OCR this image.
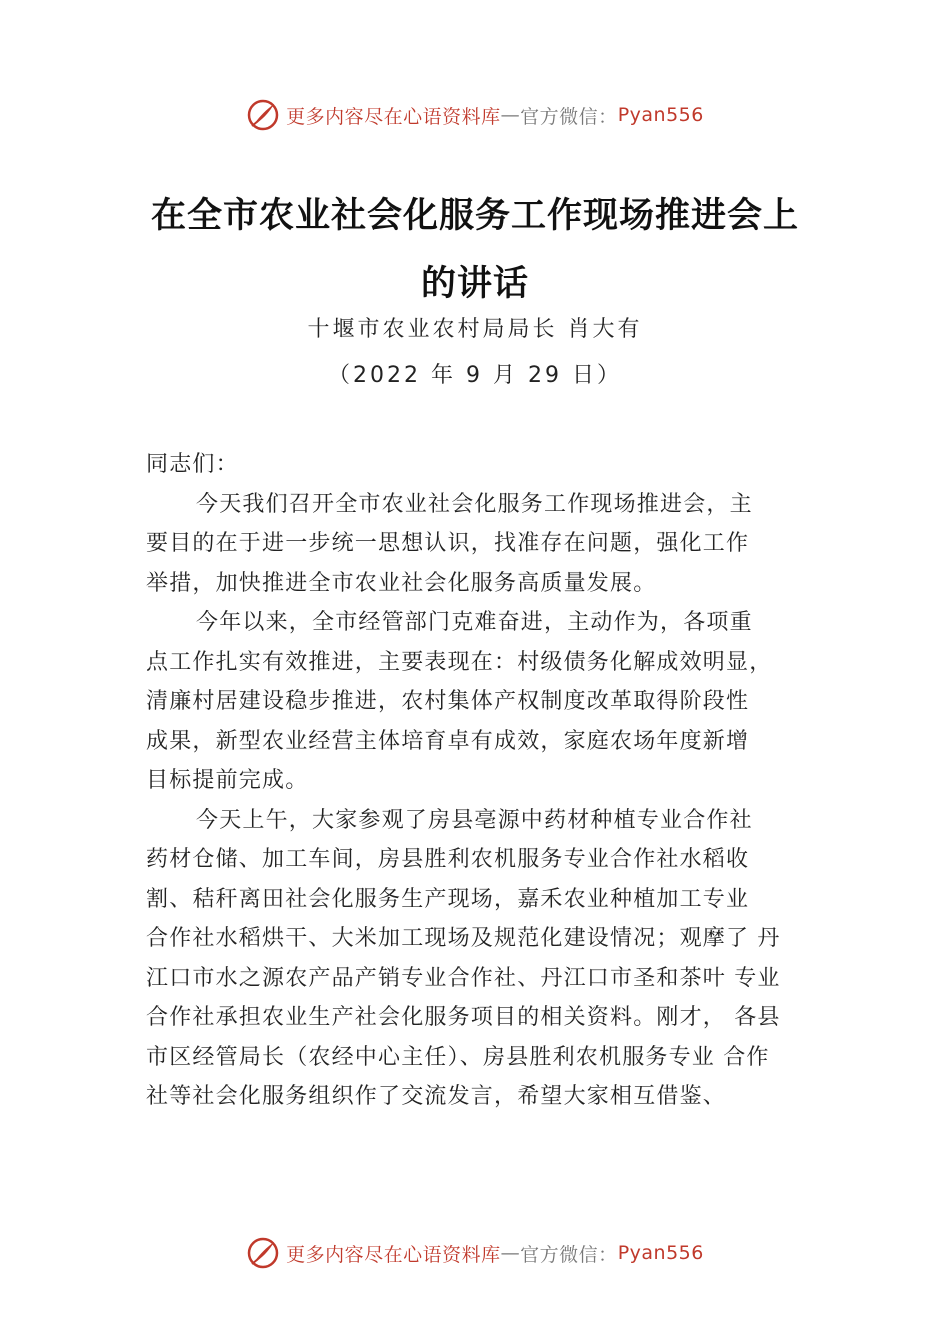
更多内容尽在心语资料库 — 官方微信： Pyan556
在全市农业社会化服务工作现场推进会上
的讲话
十堰市农业农村局局长 肖大有
（2022 年 9 月 29 日）
同志们：
今天我们召开全市农业社会化服务工作现场推进会，主
要目的在于进一步统一思想认识，找准存在问题，强化工作
举措，加快推进全市农业社会化服务高质量发展。
今年以来，全市经管部门克难奋进，主动作为，各项重
点工作扎实有效推进，主要表现在：村级债务化解成效明显，
清廉村居建设稳步推进，农村集体产权制度改革取得阶段性
成果，新型农业经营主体培育卓有成效，家庭农场年度新增
目标提前完成。
今天上午，大家参观了房县亳源中药材种植专业合作社
药材仓储、加工车间，房县胜利农机服务专业合作社水稻收
割、秸秆离田社会化服务生产现场，嘉禾农业种植加工专业
合作社水稻烘干、大米加工现场及规范化建设情况；观摩了 丹
江口市水之源农产品产销专业合作社、丹江口市圣和茶叶 专业
合作社承担农业生产社会化服务项目的相关资料。刚才， 各县
市区经管局长（农经中心主任）、房县胜利农机服务专业 合作
社等社会化服务组织作了交流发言，希望大家相互借鉴、
更多内容尽在心语资料库 — 官方微信： Pyan556
